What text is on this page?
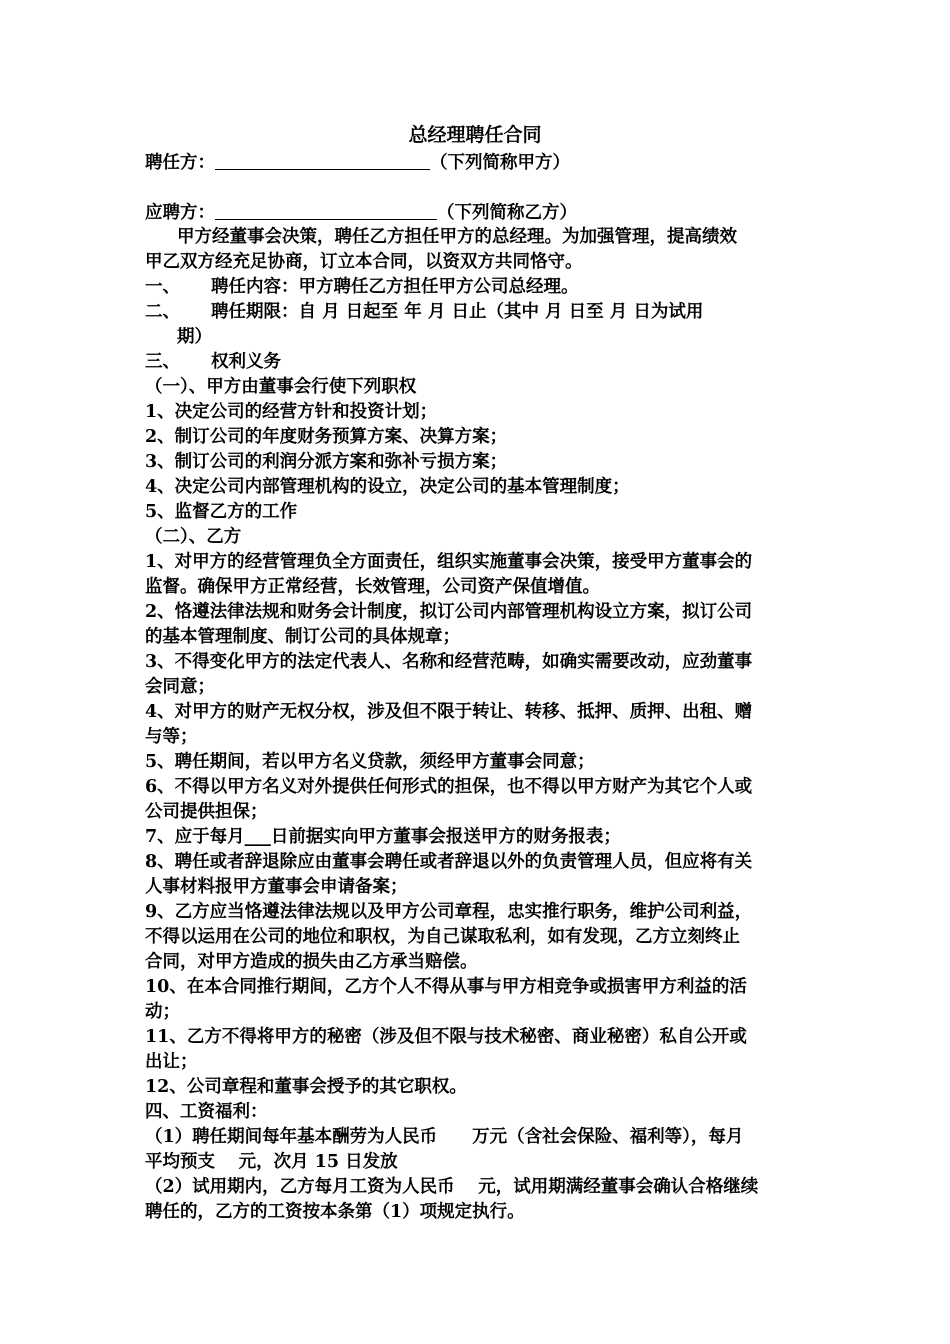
总经理聘任合同
聘任方：	（下列简称甲方）
应聘方：	（下列简称乙方）
甲方经董事会决策，聘任乙方担任甲方的总经理。为加强管理，提高绩效
甲乙双方经充足协商，订立本合同，以资双方共同恪守。
一、 聘任内容：甲方聘任乙方担任甲方公司总经理。
二、 聘任期限：自 月 日起至 年 月 日止（其中 月 日至 月 日为试用
期）
三、 权利义务
（一）、甲方由董事会行使下列职权
1、决定公司的经营方针和投资计划；
2、制订公司的年度财务预算方案、决算方案；
3、制订公司的利润分派方案和弥补亏损方案；
4、决定公司内部管理机构的设立，决定公司的基本管理制度；
5、监督乙方的工作
（二）、乙方
1、对甲方的经营管理负全方面责任，组织实施董事会决策，接受甲方董事会的
监督。确保甲方正常经营，长效管理，公司资产保值增值。
2、恪遵法律法规和财务会计制度，拟订公司内部管理机构设立方案，拟订公司
的基本管理制度、制订公司的具体规章；
3、不得变化甲方的法定代表人、名称和经营范畴，如确实需要改动，应劲董事
会同意；
4、对甲方的财产无权分权，涉及但不限于转让、转移、抵押、质押、出租、赠
与等；
5、聘任期间，若以甲方名义贷款，须经甲方董事会同意；
6、不得以甲方名义对外提供任何形式的担保，也不得以甲方财产为其它个人或
公司提供担保；
7、应于每月___日前据实向甲方董事会报送甲方的财务报表；
8、聘任或者辞退除应由董事会聘任或者辞退以外的负责管理人员，但应将有关
人事材料报甲方董事会申请备案；
9、乙方应当恪遵法律法规以及甲方公司章程，忠实推行职务，维护公司利益，
不得以运用在公司的地位和职权，为自己谋取私利，如有发现，乙方立刻终止
合同，对甲方造成的损失由乙方承当赔偿。
10、在本合同推行期间，乙方个人不得从事与甲方相竞争或损害甲方利益的活
动；
11、乙方不得将甲方的秘密（涉及但不限与技术秘密、商业秘密）私自公开或
出让；
12、公司章程和董事会授予的其它职权。
四、工资福利：
（1）聘任期间每年基本酬劳为人民币　　万元（含社会保险、福利等），每月
平均预支　 元，次月 15 日发放
（2）试用期内，乙方每月工资为人民币　 元，试用期满经董事会确认合格继续
聘任的，乙方的工资按本条第（1）项规定执行。
